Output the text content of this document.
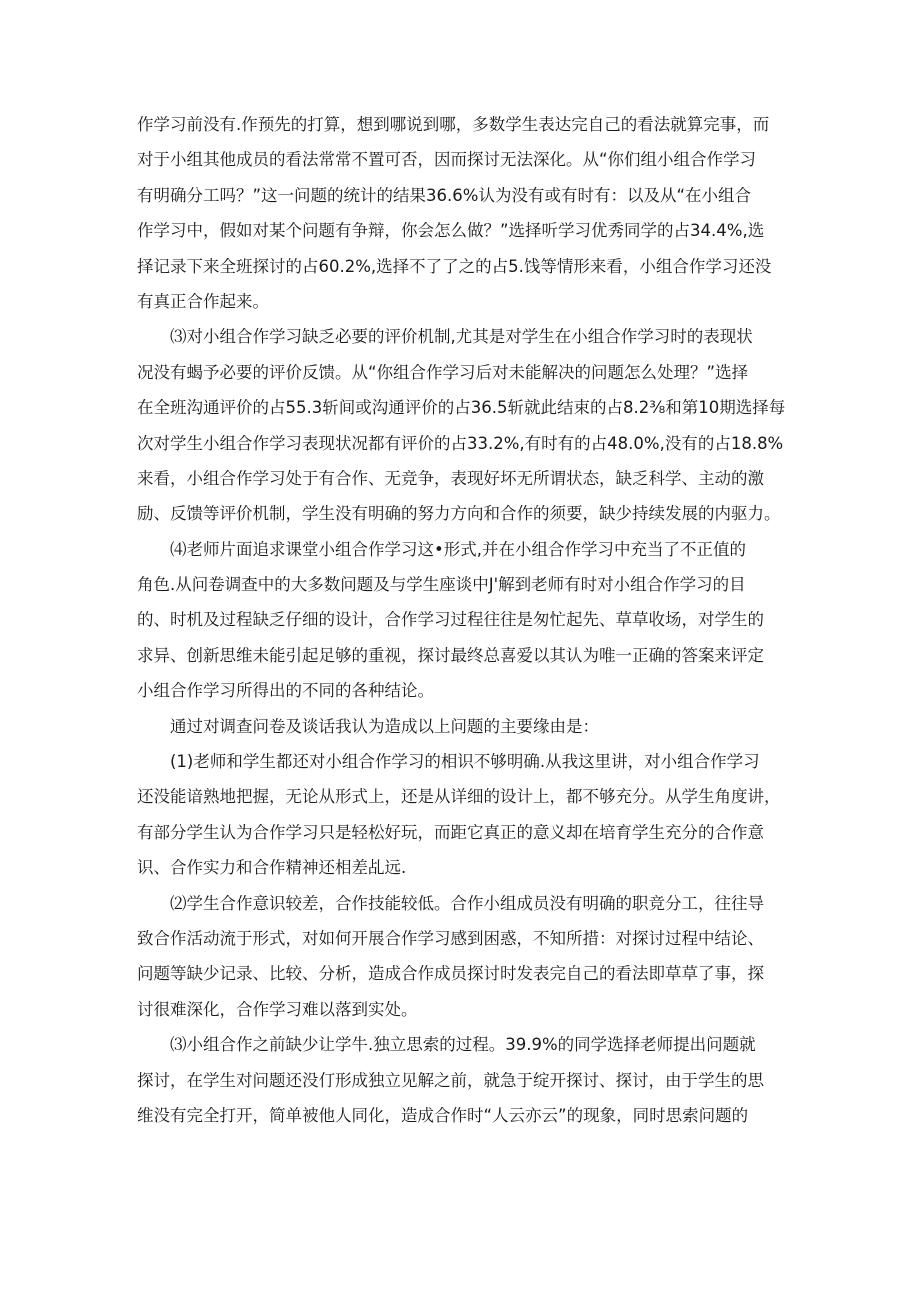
作学习前没有.作预先的打算，想到哪说到哪，多数学生表达完自己的看法就算完事，而
对于小组其他成员的看法常常不置可否，因而探讨无法深化。从“你们组小组合作学习
有明确分工吗？”这一问题的统计的结果36.6%认为没有或有时有：以及从“在小组合
作学习中，假如对某个问题有争辩，你会怎么做？”选择听学习优秀同学的占34.4%,选
择记录下来全班探讨的占60.2%,选择不了了之的占5.饯等情形来看，小组合作学习还没
有真正合作起来。
⑶对小组合作学习缺乏必要的评价机制,尤其是对学生在小组合作学习时的表现状
况没有蝎予必要的评价反馈。从“你组合作学习后对未能解决的问题怎么处理？”选择
在全班沟通评价的占55.3斩间或沟通评价的占36.5斩就此结束的占8.2⅜和第10期选择每
次对学生小组合作学习表现状况都有评价的占33.2%,有时有的占48.0%,没有的占18.8%
来看，小组合作学习处于有合作、无竞争，表现好坏无所谓状态，缺乏科学、主动的激
励、反馈等评价机制，学生没有明确的努力方向和合作的须要，缺少持续发展的内驱力。
⑷老师片面追求课堂小组合作学习这•形式,并在小组合作学习中充当了不正值的
角色.从问卷调查中的大多数问题及与学生座谈中J'解到老师有时对小组合作学习的目
的、时机及过程缺乏仔细的设计，合作学习过程往往是匆忙起先、草草收场，对学生的
求异、创新思维未能引起足够的重视，探讨最终总喜爱以其认为唯一正确的答案来评定
小组合作学习所得出的不同的各种结论。
通过对调查问卷及谈话我认为造成以上问题的主要缘由是：
(1)老师和学生都还对小组合作学习的相识不够明确.从我这里讲，对小组合作学习
还没能谙熟地把握，无论从形式上，还是从详细的设计上，都不够充分。从学生角度讲，
有部分学生认为合作学习只是轻松好玩，而距它真正的意义却在培育学生充分的合作意
识、合作实力和合作精神还相差乩远.
⑵学生合作意识较差，合作技能较低。合作小组成员没有明确的职竞分工，往往导
致合作活动流于形式，对如何开展合作学习感到困惑，不知所措：对探讨过程中结论、
问题等缺少记录、比较、分析，造成合作成员探讨时发表完自己的看法即草草了事，探
讨很难深化，合作学习难以落到实处。
⑶小组合作之前缺少让学牛.独立思索的过程。39.9%的同学选择老师提出问题就
探讨，在学生对问题还没仃形成独立见解之前，就急于绽开探讨、探讨，由于学生的思
维没有完全打开，简单被他人同化，造成合作时“人云亦云”的现象，同时思索问题的
